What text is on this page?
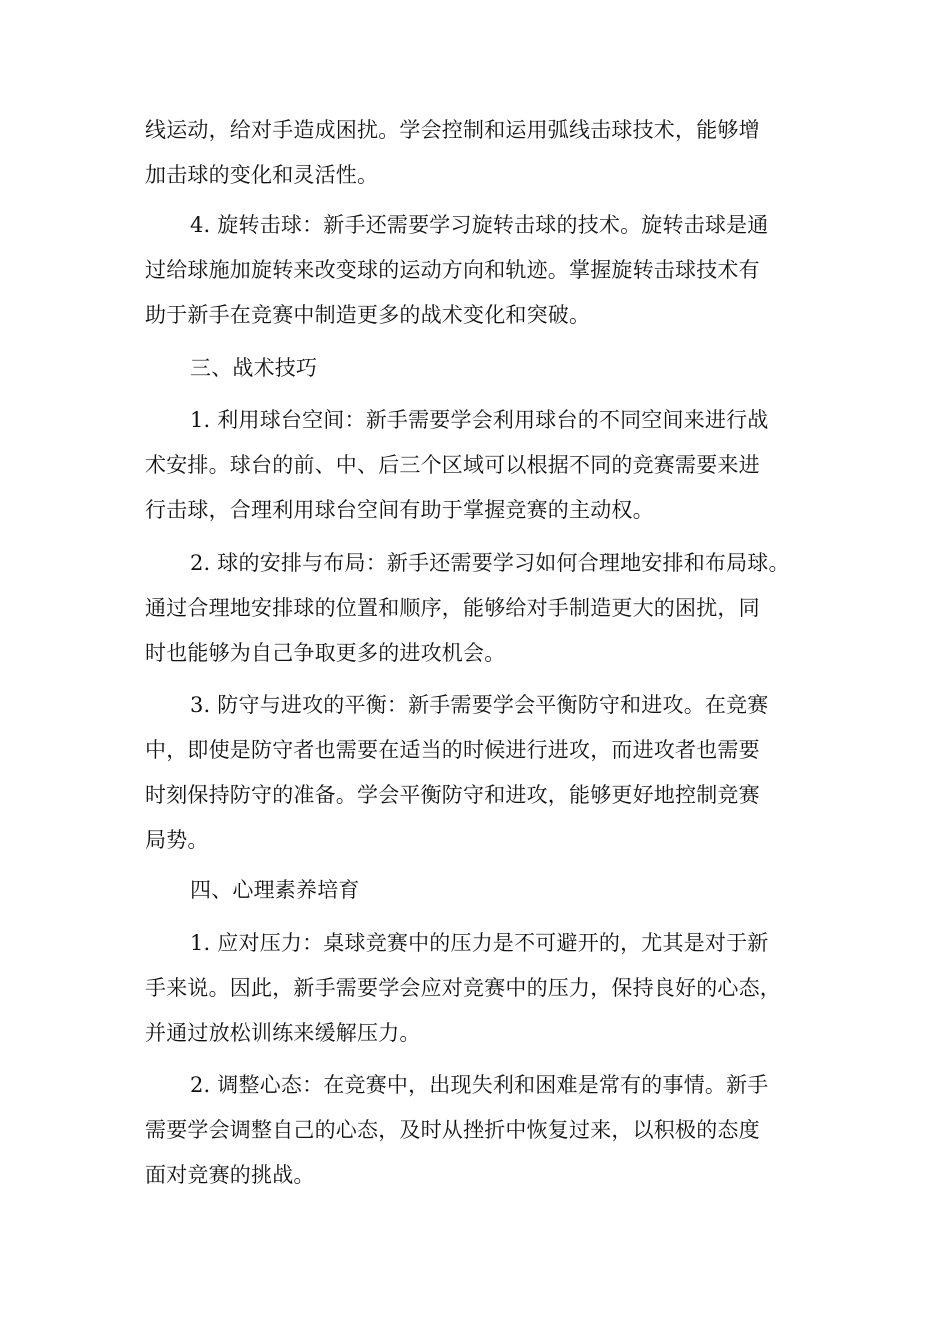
线运动，给对手造成困扰。学会控制和运用弧线击球技术，能够增
加击球的变化和灵活性。
4. 旋转击球：新手还需要学习旋转击球的技术。旋转击球是通
过给球施加旋转来改变球的运动方向和轨迹。掌握旋转击球技术有
助于新手在竞赛中制造更多的战术变化和突破。
三、战术技巧
1. 利用球台空间：新手需要学会利用球台的不同空间来进行战
术安排。球台的前、中、后三个区域可以根据不同的竞赛需要来进
行击球，合理利用球台空间有助于掌握竞赛的主动权。
2. 球的安排与布局：新手还需要学习如何合理地安排和布局球。
通过合理地安排球的位置和顺序，能够给对手制造更大的困扰，同
时也能够为自己争取更多的进攻机会。
3. 防守与进攻的平衡：新手需要学会平衡防守和进攻。在竞赛
中，即使是防守者也需要在适当的时候进行进攻，而进攻者也需要
时刻保持防守的准备。学会平衡防守和进攻，能够更好地控制竞赛
局势。
四、心理素养培育
1. 应对压力：桌球竞赛中的压力是不可避开的，尤其是对于新
手来说。因此，新手需要学会应对竞赛中的压力，保持良好的心态，
并通过放松训练来缓解压力。
2. 调整心态：在竞赛中，出现失利和困难是常有的事情。新手
需要学会调整自己的心态，及时从挫折中恢复过来，以积极的态度
面对竞赛的挑战。
